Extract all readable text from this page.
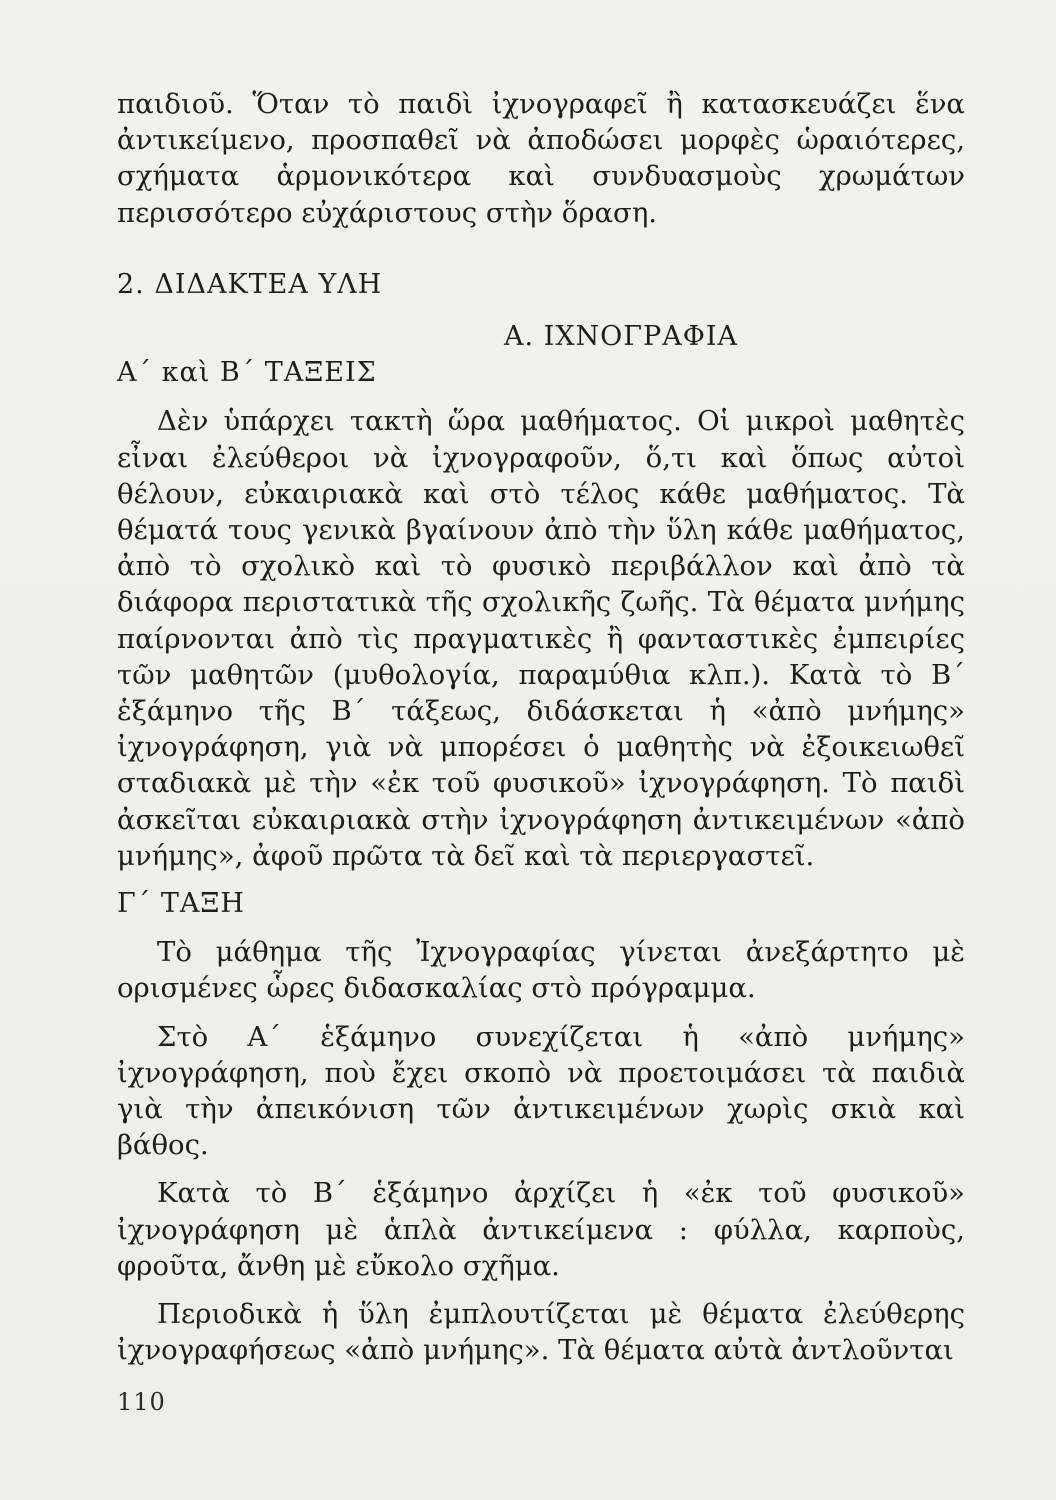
παιδιοῦ. Ὅταν τὸ παιδὶ ἰχνογραφεῖ ἢ κατασκευάζει ἕνα ἀντικείμενο, προσπαθεῖ νὰ ἀποδώσει μορφὲς ὡραιότερες, σχήματα ἁρμονικότερα καὶ συνδυασμοὺς χρωμάτων περισσότερο εὐχάριστους στὴν ὅραση.

2. ΔΙΔΑΚΤΕΑ ΥΛΗ
Α. ΙΧΝΟΓΡΑΦΙΑ
Α΄ καὶ Β΄ ΤΑΞΕΙΣ

Δὲν ὑπάρχει τακτὴ ὥρα μαθήματος. Οἱ μικροὶ μαθητὲς εἶναι ἐλεύθεροι νὰ ἰχνογραφοῦν, ὅ,τι καὶ ὅπως αὐτοὶ θέλουν, εὐκαιριακὰ καὶ στὸ τέλος κάθε μαθήματος. Τὰ θέματά τους γενικὰ βγαίνουν ἀπὸ τὴν ὕλη κάθε μαθήματος, ἀπὸ τὸ σχολικὸ καὶ τὸ φυσικὸ περιβάλλον καὶ ἀπὸ τὰ διάφορα περιστατικὰ τῆς σχολικῆς ζωῆς. Τὰ θέματα μνήμης παίρνονται ἀπὸ τὶς πραγματικὲς ἢ φανταστικὲς ἐμπειρίες τῶν μαθητῶν (μυθολογία, παραμύθια κλπ.). Κατὰ τὸ Β΄ ἑξάμηνο τῆς Β΄ τάξεως, διδάσκεται ἡ «ἀπὸ μνήμης» ἰχνογράφηση, γιὰ νὰ μπορέσει ὁ μαθητὴς νὰ ἐξοικειωθεῖ σταδιακὰ μὲ τὴν «ἐκ τοῦ φυσικοῦ» ἰχνογράφηση. Τὸ παιδὶ ἀσκεῖται εὐκαιριακὰ στὴν ἰχνογράφηση ἀντικειμένων «ἀπὸ μνήμης», ἀφοῦ πρῶτα τὰ δεῖ καὶ τὰ περιεργαστεῖ.

Γ΄ ΤΑΞΗ

Τὸ μάθημα τῆς Ἰχνογραφίας γίνεται ἀνεξάρτητο μὲ ορισμένες ὧρες διδασκαλίας στὸ πρόγραμμα.

Στὸ Α΄ ἑξάμηνο συνεχίζεται ἡ «ἀπὸ μνήμης» ἰχνογράφηση, ποὺ ἔχει σκοπὸ νὰ προετοιμάσει τὰ παιδιὰ γιὰ τὴν ἀπεικόνιση τῶν ἀντικειμένων χωρὶς σκιὰ καὶ βάθος.

Κατὰ τὸ Β΄ ἑξάμηνο ἀρχίζει ἡ «ἐκ τοῦ φυσικοῦ» ἰχνογράφηση μὲ ἁπλὰ ἀντικείμενα : φύλλα, καρποὺς, φροῦτα, ἄνθη μὲ εὔκολο σχῆμα.

Περιοδικὰ ἡ ὕλη ἐμπλουτίζεται μὲ θέματα ἐλεύθερης ἰχνογραφήσεως «ἀπὸ μνήμης». Τὰ θέματα αὐτὰ ἀντλοῦνται

110
